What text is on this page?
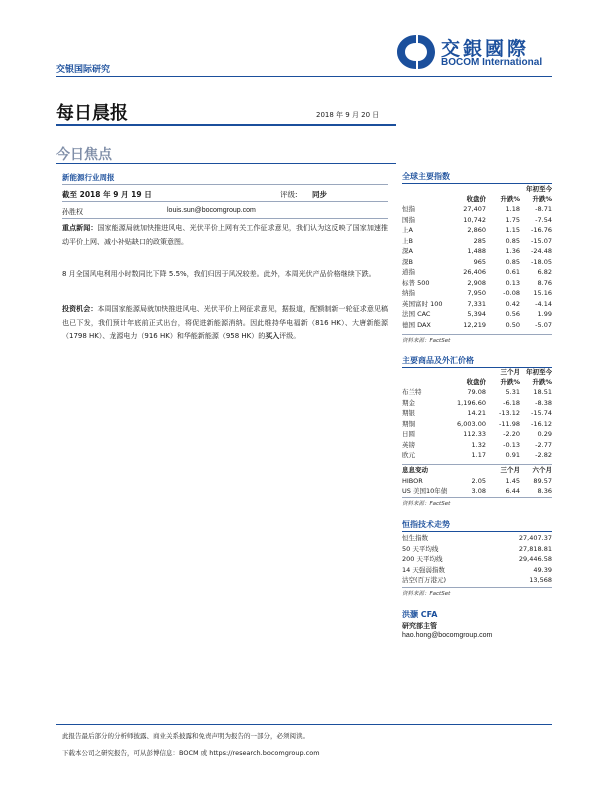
交银国际研究
交銀國際
BOCOM International
每日晨报	2018 年 9 月 20 日
今日焦点
新能源行业周报
截至 2018 年 9 月 19 日	评级: 同步
孙胜权	louis.sun@bocomgroup.com
重点新闻：国家能源局就加快推进风电、光伏平价上网有关工作征求意见，我们认为这反映了国家加速推动平价上网、减小补贴缺口的政策意图。
8 月全国风电利用小时数同比下降 5.5%，我们归因于风况较差。此外，本周光伏产品价格继续下跌。
投资机会：本周国家能源局就加快推进风电、光伏平价上网征求意见，据报道，配额制新一轮征求意见稿也已下发，我们预计年底前正式出台，将促进新能源消纳。因此维持华电福新（816 HK）、大唐新能源（1798 HK）、龙源电力（916 HK）和华能新能源（958 HK）的买入评级。
全球主要指数
年初至今
收盘价 升跌% 升跌%
恒指	27,407	1.18 -8.71
国指	10,742	1.75 -7.54
上A	2,860	1.15 -16.76
上B	285	0.85 -15.07
深A	1,488	1.36 -24.48
深B	965	0.85 -18.05
道指	26,406	0.61	6.82
标普 500	2,908	0.13	8.76
纳指	7,950	-0.08 15.16
英国富时 100	7,331	0.42 -4.14
法国 CAC	5,394	0.56	1.99
德国 DAX	12,219	0.50 -5.07
资料来源：FactSet
主要商品及外汇价格
三个月 年初至今
收盘价 升跌% 升跌%
布兰特	79.08	5.31 18.51
期金	1,196.60	-6.18 -8.38
期银	14.21 -13.12 -15.74
期铜	6,003.00 -11.98 -16.12
日圆	112.33	-2.20	0.29
英镑	1.32	-0.13 -2.77
欧元	1.17	0.91 -2.82
息息变动	三个月 六个月
HIBOR	2.05	1.45 89.57
US 美国10年债	3.08	6.44	8.36
资料来源：FactSet
恒指技术走势
恒生指数	27,407.37
50 天平均线	27,818.81
200 天平均线	29,446.58
14 天强弱指数	49.39
沽空(百万港元)	13,568
资料来源：FactSet
洪灏 CFA
研究部主管
hao.hong@bocomgroup.com
此报告最后部分的分析师披露、商业关系披露和免责声明为报告的一部分，必须阅读。
下载本公司之研究报告，可从彭博信息：BOCM 或 https://research.bocomgroup.com
